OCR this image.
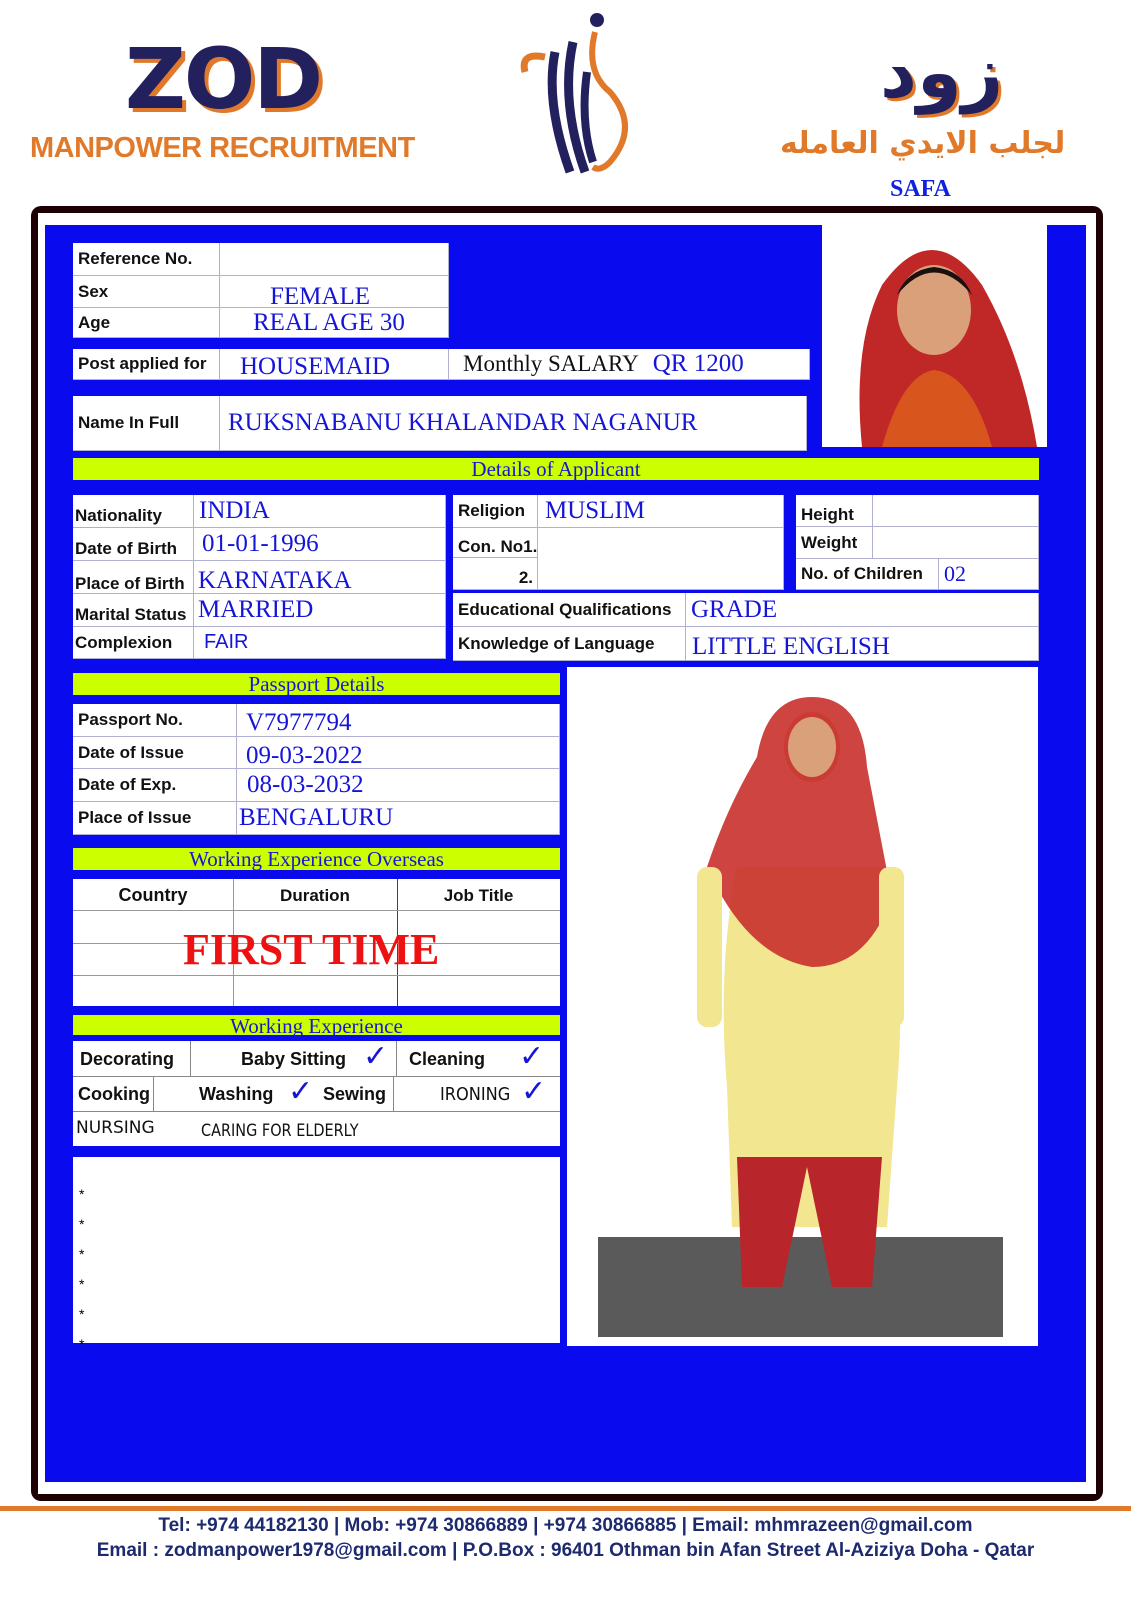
ZOD
MANPOWER RECRUITMENT
زود
لجلب الايدي العامله
SAFA
Reference No.
Sex	FEMALE
Age	REAL AGE 30
Post applied for	HOUSEMAID	Monthly SALARY QR 1200
Name In Full	RUKSNABANU KHALANDAR NAGANUR
Details of Applicant
Nationality	INDIA
Date of Birth	01-01-1996
Place of Birth KARNATAKA
Marital Status MARRIED
Complexion	FAIR
Religion MUSLIM
Con. No1.
2.
Height
Weight
No. of Children 02
Educational Qualifications GRADE
Knowledge of Language	LITTLE ENGLISH
Passport Details
Passport No.	V7977794
Date of Issue	09-03-2022
Date of Exp.	08-03-2032
Place of Issue	BENGALURU
Working Experience Overseas
Country	Duration	Job Title
FIRST TIME
Working Experience
Decorating	Baby Sitting ✓ Cleaning ✓
Cooking	Washing ✓ Sewing	IRONING ✓
NURSING	CARING FOR ELDERLY
*
*
*
*
*
*
Tel: +974 44182130 | Mob: +974 30866889 | +974 30866885 | Email: mhmrazeen@gmail.com
Email : zodmanpower1978@gmail.com | P.O.Box : 96401 Othman bin Afan Street Al-Aziziya Doha - Qatar
